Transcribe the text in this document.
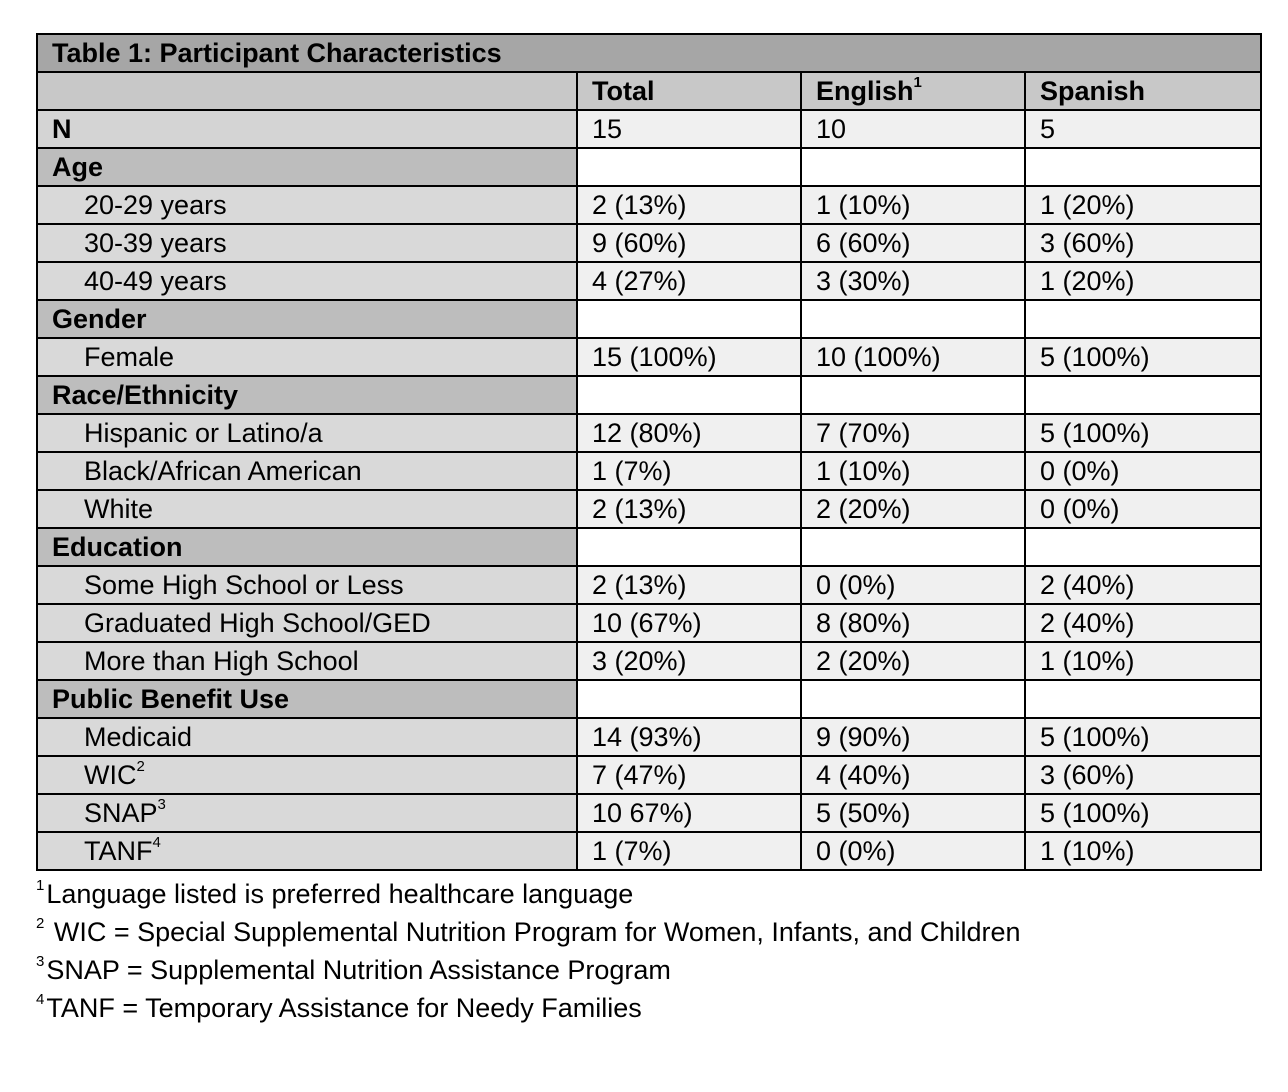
Table 1: Participant Characteristics			
	Total	English$^1$	Spanish
N	15	10	5
Age			
20-29 years	2 (13%)	1 (10%)	1 (20%)
30-39 years	9 (60%)	6 (60%)	3 (60%)
40-49 years	4 (27%)	3 (30%)	1 (20%)
Gender			
Female	15 (100%)	10 (100%)	5 (100%)
Race/Ethnicity			
Hispanic or Latino/a	12 (80%)	7 (70%)	5 (100%)
Black/African American	1 (7%)	1 (10%)	0 (0%)
White	2 (13%)	2 (20%)	0 (0%)
Education			
Some High School or Less	2 (13%)	0 (0%)	2 (40%)
Graduated High School/GED	10 (67%)	8 (80%)	2 (40%)
More than High School	3 (20%)	2 (20%)	1 (10%)
Public Benefit Use			
Medicaid	14 (93%)	9 (90%)	5 (100%)
WIC$^2$	7 (47%)	4 (40%)	3 (60%)
SNAP$^3$	10 67%)	5 (50%)	5 (100%)
TANF$^4$	1 (7%)	0 (0%)	1 (10%)
$^1$Language listed is preferred healthcare language
$^2$ WIC = Special Supplemental Nutrition Program for Women, Infants, and Children
$^3$SNAP = Supplemental Nutrition Assistance Program
$^4$TANF = Temporary Assistance for Needy Families
